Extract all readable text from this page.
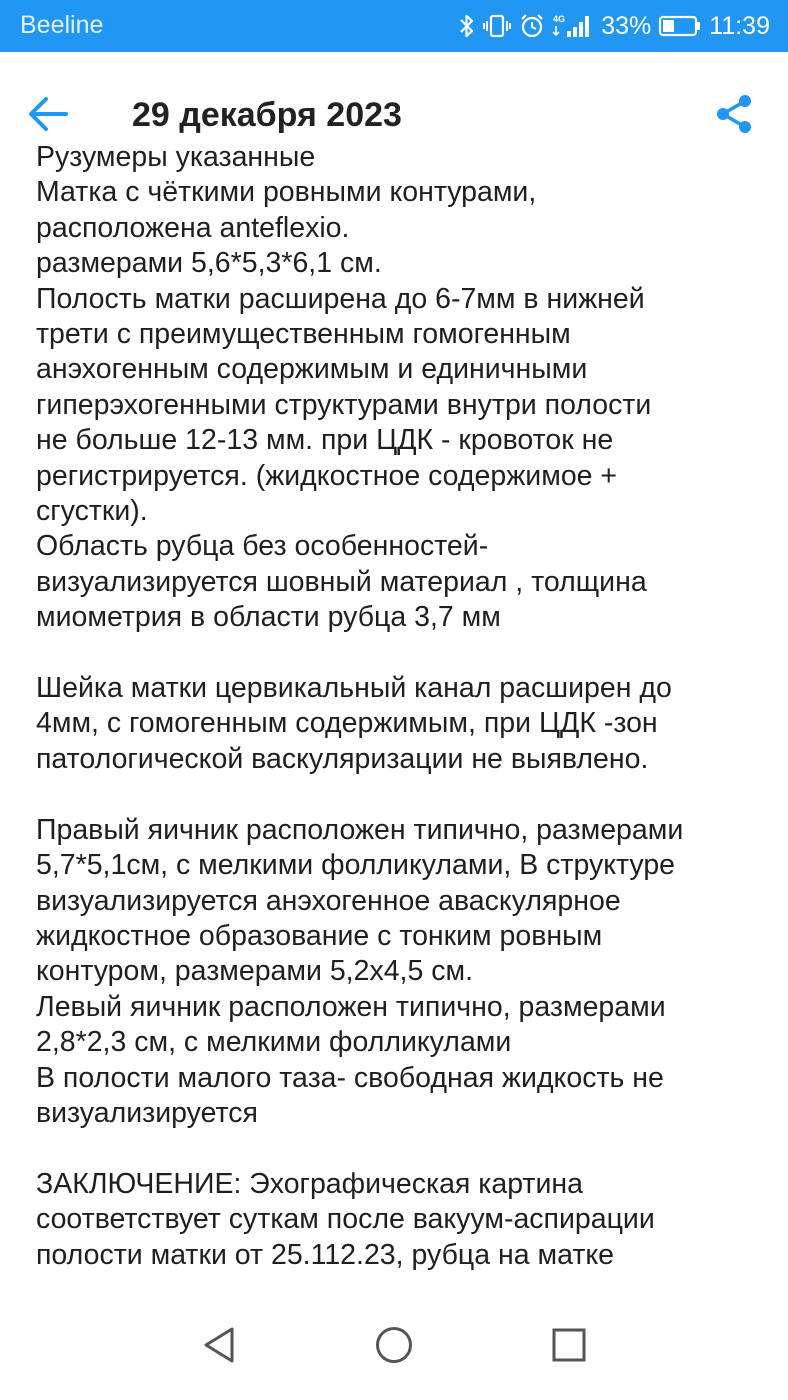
Beeline	4G 33% 11:39
29 декабря 2023
Рузумеры указанные
Матка с чёткими ровными контурами,
расположена anteflexio.
размерами 5,6*5,3*6,1 см.
Полость матки расширена до 6-7мм в нижней
трети с преимущественным гомогенным
анэхогенным содержимым и единичными
гиперэхогенными структурами внутри полости
не больше 12-13 мм. при ЦДК - кровоток не
регистрируется. (жидкостное содержимое +
сгустки).
Область рубца без особенностей-
визуализируется шовный материал , толщина
миометрия в области рубца 3,7 мм
Шейка матки цервикальный канал расширен до
4мм, с гомогенным содержимым, при ЦДК -зон
патологической васкуляризации не выявлено.
Правый яичник расположен типично, размерами
5,7*5,1см, с мелкими фолликулами, В структуре
визуализируется анэхогенное аваскулярное
жидкостное образование с тонким ровным
контуром, размерами 5,2х4,5 см.
Левый яичник расположен типично, размерами
2,8*2,3 см, с мелкими фолликулами
В полости малого таза- свободная жидкость не
визуализируется
ЗАКЛЮЧЕНИЕ: Эхографическая картина
соответствует суткам после вакуум-аспирации
полости матки от 25.112.23, рубца на матке
